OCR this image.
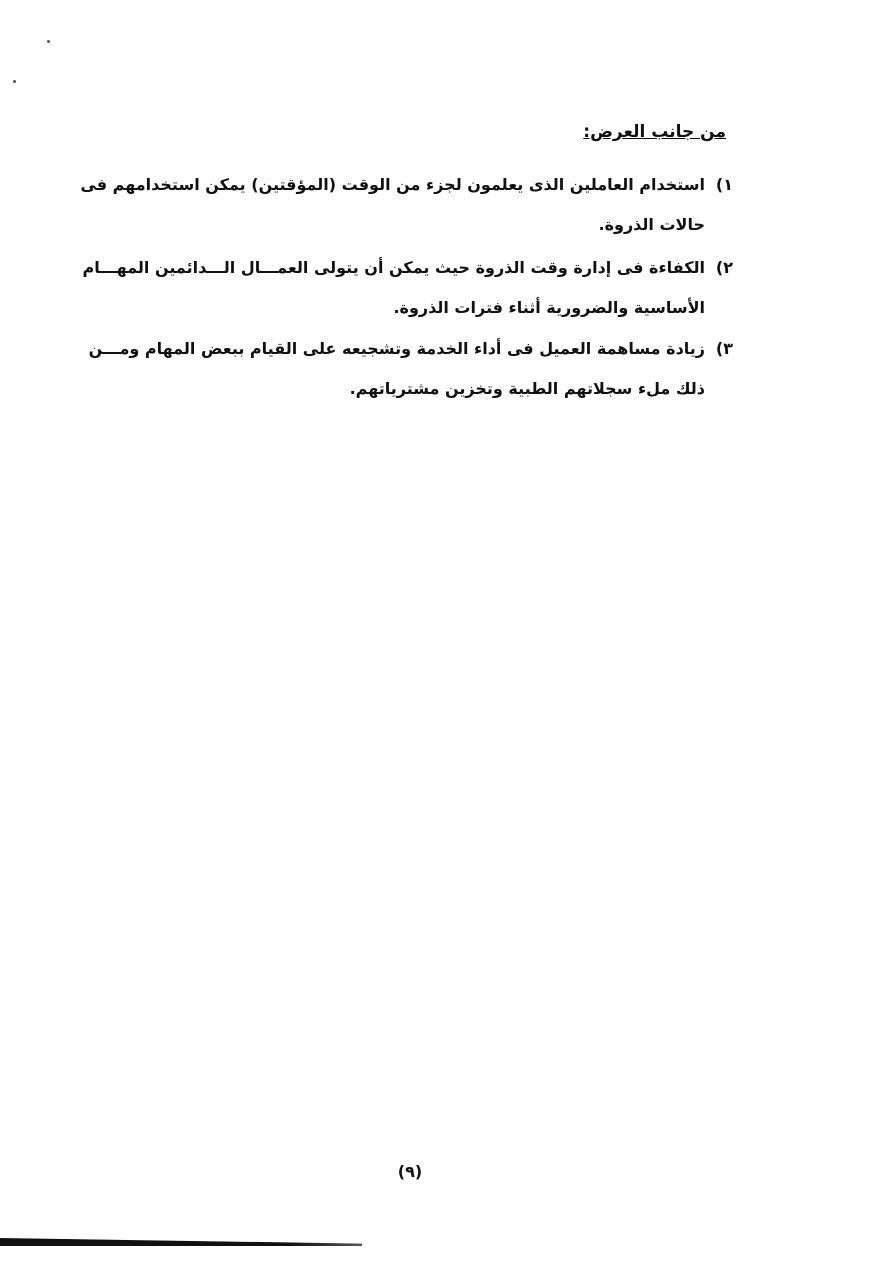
من جانب العرض:
١)
استخدام العاملين الذى يعلمون لجزء من الوقت (المؤقتين) يمكن استخدامهم فى
حالات الذروة.
٢)
الكفاءة فى إدارة وقت الذروة حيث يمكن أن يتولى العمـــال الـــدائمين المهـــام
الأساسية والضرورية أثناء فترات الذروة.
٣)
زيادة مساهمة العميل فى أداء الخدمة وتشجيعه على القيام ببعض المهام ومـــن
ذلك ملء سجلاتهم الطبية وتخزين مشترياتهم.
(٩)
